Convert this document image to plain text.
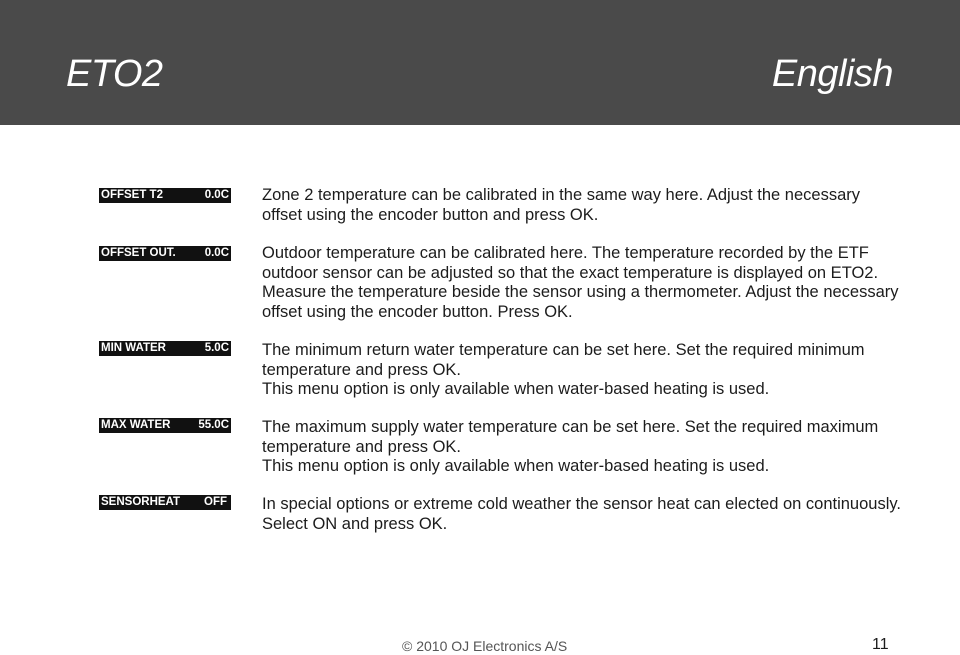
ETO2	English
OFFSET T2	0.0C Zone 2 temperature can be calibrated in the same way here. Adjust the necessary offset using the encoder button and press OK.

OFFSET OUT.	0.0C Outdoor temperature can be calibrated here. The temperature recorded by the ETF outdoor sensor can be adjusted so that the exact temperature is displayed on ETO2. Measure the temperature beside the sensor using a thermometer. Adjust the necessary offset using the encoder button. Press OK.

MIN WATER	5.0C The minimum return water temperature can be set here. Set the required minimum temperature and press OK.

This menu option is only available when water-based heating is used.

MAX WATER 55.0C The maximum supply water temperature can be set here. Set the required maximum temperature and press OK.

This menu option is only available when water-based heating is used.

SENSORHEAT OFF In special options or extreme cold weather the sensor heat can elected on continuously. Select ON and press OK.

© 2010 OJ Electronics A/S	11
